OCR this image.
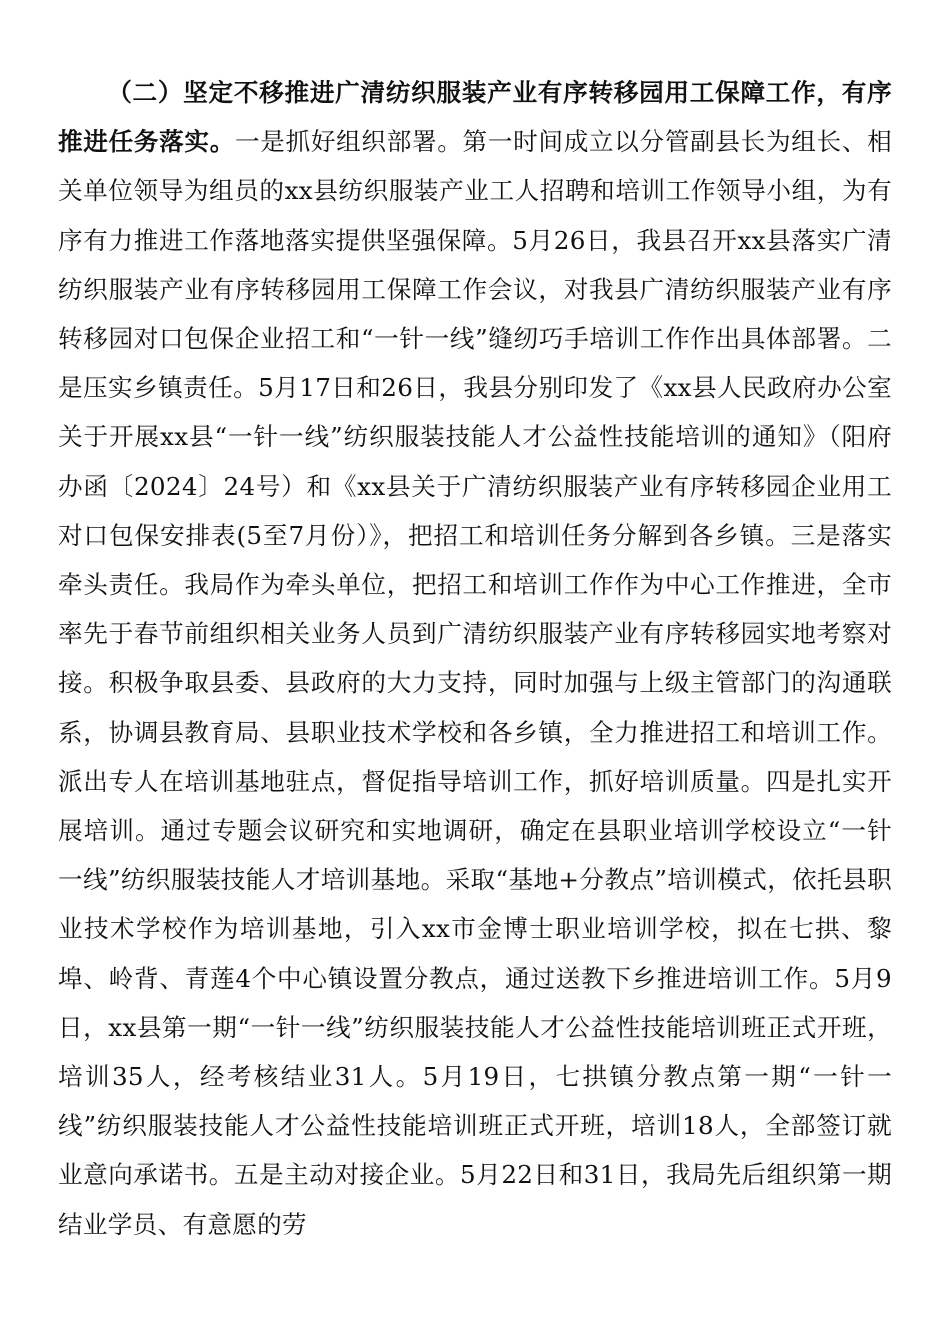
（二）坚定不移推进广清纺织服装产业有序转移园用工保障工作，有序推进任务落实。一是抓好组织部署。第一时间成立以分管副县长为组长、相关单位领导为组员的xx县纺织服装产业工人招聘和培训工作领导小组，为有序有力推进工作落地落实提供坚强保障。5月26日，我县召开xx县落实广清纺织服装产业有序转移园用工保障工作会议，对我县广清纺织服装产业有序转移园对口包保企业招工和“一针一线”缝纫巧手培训工作作出具体部署。二是压实乡镇责任。5月17日和26日，我县分别印发了《xx县人民政府办公室关于开展xx县“一针一线”纺织服装技能人才公益性技能培训的通知》（阳府办函〔2024〕24号）和《xx县关于广清纺织服装产业有序转移园企业用工对口包保安排表(5至7月份）》，把招工和培训任务分解到各乡镇。三是落实牵头责任。我局作为牵头单位，把招工和培训工作作为中心工作推进，全市率先于春节前组织相关业务人员到广清纺织服装产业有序转移园实地考察对接。积极争取县委、县政府的大力支持，同时加强与上级主管部门的沟通联系，协调县教育局、县职业技术学校和各乡镇，全力推进招工和培训工作。派出专人在培训基地驻点，督促指导培训工作，抓好培训质量。四是扎实开展培训。通过专题会议研究和实地调研，确定在县职业培训学校设立“一针一线”纺织服装技能人才培训基地。采取“基地+分教点”培训模式，依托县职业技术学校作为培训基地，引入xx市金博士职业培训学校，拟在七拱、黎埠、岭背、青莲4个中心镇设置分教点，通过送教下乡推进培训工作。5月9日，xx县第一期“一针一线”纺织服装技能人才公益性技能培训班正式开班，培训35人，经考核结业31人。5月19日，七拱镇分教点第一期“一针一线”纺织服装技能人才公益性技能培训班正式开班，培训18人，全部签订就业意向承诺书。五是主动对接企业。5月22日和31日，我局先后组织第一期结业学员、有意愿的劳
